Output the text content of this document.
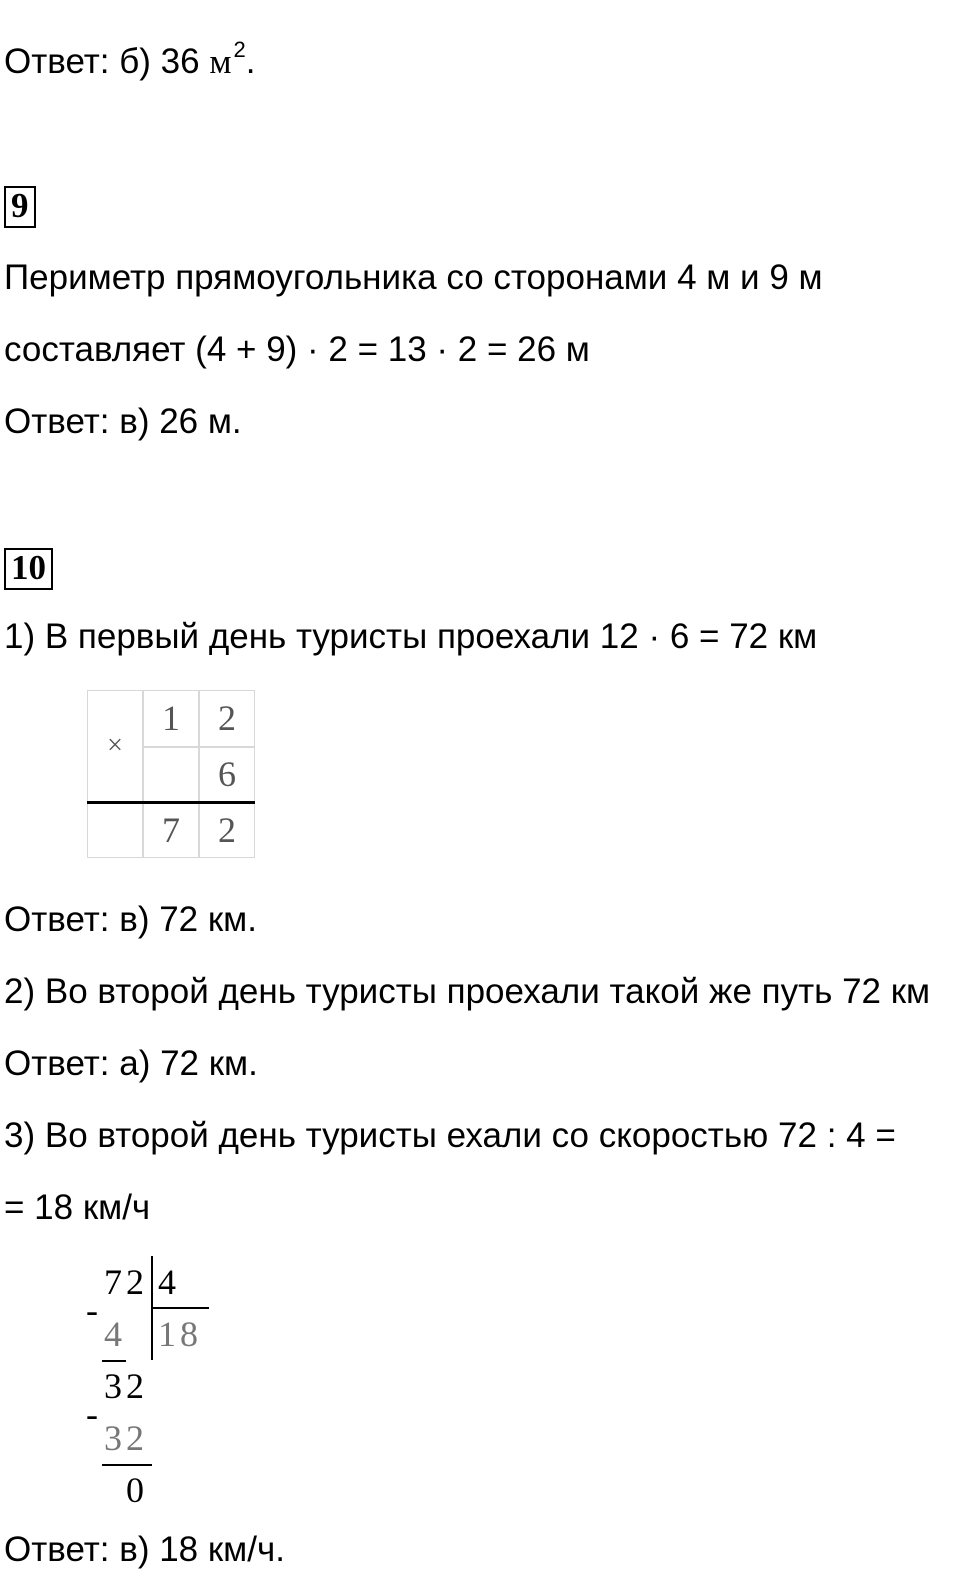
Ответ: б) 36 $м^2$.
9
Периметр прямоугольника со сторонами 4 м и 9 м
составляет (4 + 9) · 2 = 13 · 2 = 26 м
Ответ: в) 26 м.
10
1) В первый день туристы проехали 12 · 6 = 72 км
×
1	2
6
7	2
Ответ: в) 72 км.
2) Во второй день туристы проехали такой же путь 72 км
Ответ: а) 72 км.
3) Во второй день туристы ехали со скоростью 72 : 4 =
= 18 км/ч
72 4
18
-
4
32
-
32
0
Ответ: в) 18 км/ч.
